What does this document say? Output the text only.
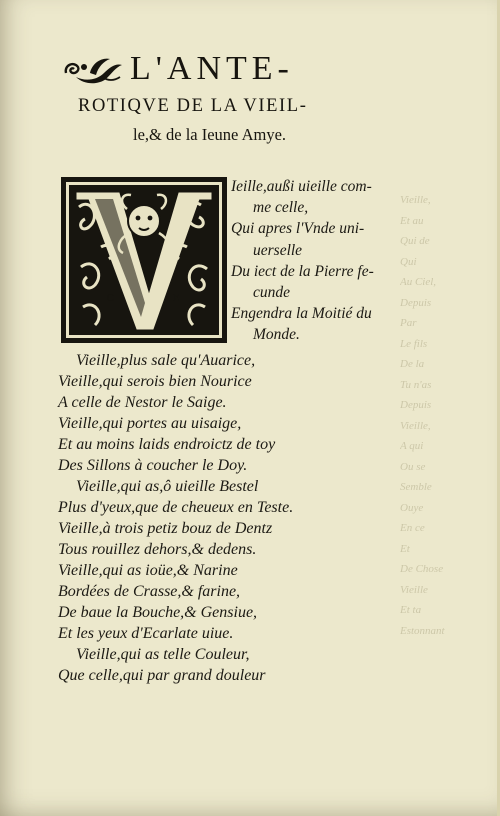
Vieille,
Et au
Qui de
Qui
Au Ciel,
Depuis
Par
Le fils
De la
Tu n'as
Depuis
Vieille,
A qui
Ou se
Semble
Ouye
En ce
Et
De Chose
Vieille
Et ta
Estonnant
L'ANTE-
ROTIQVE DE LA VIEIL-
le,& de la Ieune Amye.
C	E
Ieille,außi uieille com-
me celle,
Qui apres l'Vnde uni-
uerselle
Du iect de la Pierre fe-
cunde
Engendra la Moitié du
Monde.
Vieille,plus sale qu'Auarice,
Vieille,qui serois bien Nourice
A celle de Nestor le Saige.
Vieille,qui portes au uisaige,
Et au moins laids endroictz de toy
Des Sillons à coucher le Doy.
Vieille,qui as,ô uieille Bestel
Plus d'yeux,que de cheueux en Teste.
Vieille,à trois petiz bouz de Dentz
Tous rouillez dehors,& dedens.
Vieille,qui as ioüe,& Narine
Bordées de Crasse,& farine,
De baue la Bouche,& Gensiue,
Et les yeux d'Ecarlate uiue.
Vieille,qui as telle Couleur,
Que celle,qui par grand douleur
